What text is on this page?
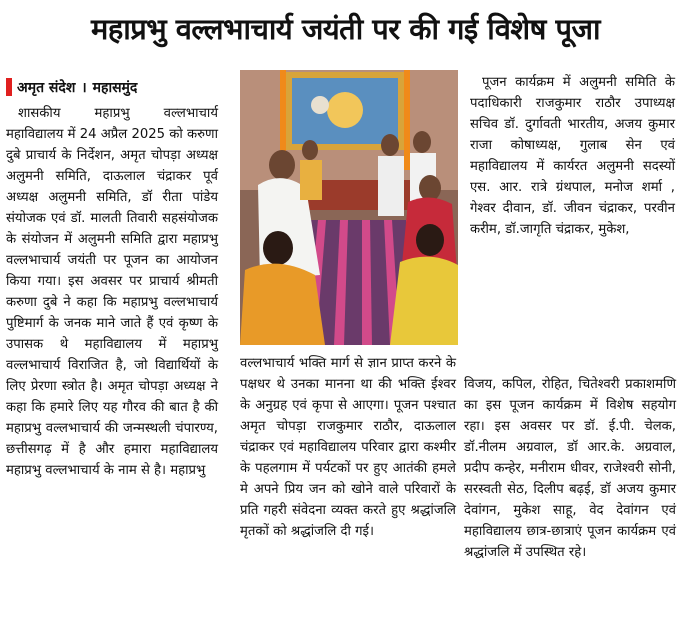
महाप्रभु वल्लभाचार्य जयंती पर की गई विशेष पूजा
अमृत संदेश । महासमुंद

शासकीय महाप्रभु वल्लभाचार्य महाविद्यालय में 24 अप्रैल 2025 को करुणा दुबे प्राचार्य के निर्देशन, अमृत चोपड़ा अध्यक्ष अलुमनी समिति, दाऊलाल चंद्राकर पूर्व अध्यक्ष अलुमनी समिति, डॉ रीता पांडेय संयोजक एवं डॉ. मालती तिवारी सहसंयोजक के संयोजन में अलुमनी समिति द्वारा महाप्रभु वल्लभाचार्य जयंती पर पूजन का आयोजन किया गया। इस अवसर पर प्राचार्य श्रीमती करुणा दुबे ने कहा कि महाप्रभु वल्लभाचार्य पुष्टिमार्ग के जनक माने जाते हैं एवं कृष्ण के उपासक थे महाविद्यालय में महाप्रभु वल्लभाचार्य विराजित है, जो विद्यार्थियों के लिए प्रेरणा स्त्रोत है। अमृत चोपड़ा अध्यक्ष ने कहा कि हमारे लिए यह गौरव की बात है की महाप्रभु वल्लभाचार्य की जन्मस्थली चंपारण्य, छत्तीसगढ़ में है और हमारा महाविद्यालय महाप्रभु वल्लभाचार्य के नाम से है। महाप्रभु

वल्लभाचार्य भक्ति मार्ग से ज्ञान प्राप्त करने के पक्षधर थे उनका मानना था की भक्ति ईश्वर के अनुग्रह एवं कृपा से आएगा। पूजन पश्चात अमृत चोपड़ा राजकुमार राठौर, दाऊलाल चंद्राकर एवं महाविद्यालय परिवार द्वारा कश्मीर के पहलगाम में पर्यटकों पर हुए आतंकी हमले मे अपने प्रिय जन को खोने वाले परिवारों के प्रति गहरी संवेदना व्यक्त करते हुए श्रद्धांजलि मृतकों को श्रद्धांजलि दी गई।

पूजन कार्यक्रम में अलुमनी समिति के पदाधिकारी राजकुमार राठौर उपाध्यक्ष सचिव डॉ. दुर्गावती भारतीय, अजय कुमार राजा कोषाध्यक्ष, गुलाब सेन एवं महाविद्यालय में कार्यरत अलुमनी सदस्यों एस. आर. रात्रे ग्रंथपाल, मनोज शर्मा , गेश्वर दीवान, डॉ. जीवन चंद्राकर, परवीन करीम, डॉ.जागृति चंद्राकर, मुकेश,

विजय, कपिल, रोहित, चितेश्वरी प्रकाशमणि का इस पूजन कार्यक्रम में विशेष सहयोग रहा। इस अवसर पर डॉ. ई.पी. चेलक, डॉ.नीलम अग्रवाल, डॉ आर.के. अग्रवाल, प्रदीप कन्हेर, मनीराम धीवर, राजेश्वरी सोनी, सरस्वती सेठ, दिलीप बढ़ई, डॉ अजय कुमार देवांगन, मुकेश साहू, वेद देवांगन एवं महाविद्यालय छात्र-छात्राएं पूजन कार्यक्रम एवं श्रद्धांजलि में उपस्थित रहे।
